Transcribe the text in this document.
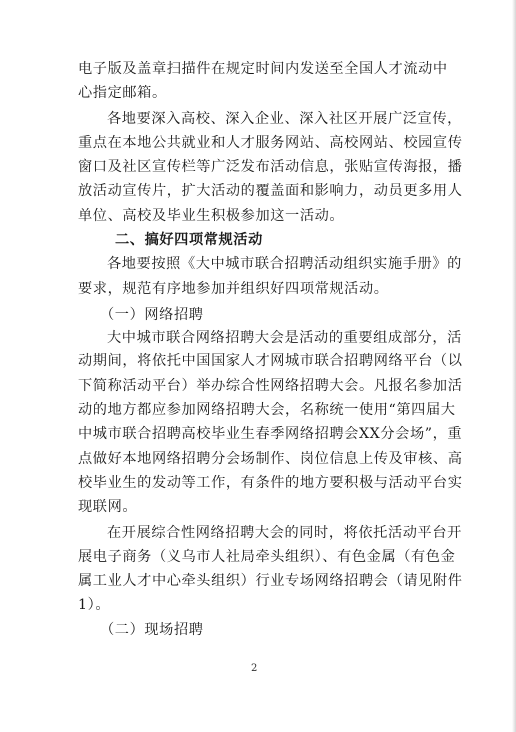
电子版及盖章扫描件在规定时间内发送至全国人才流动中
心指定邮箱。
各地要深入高校、深入企业、深入社区开展广泛宣传，
重点在本地公共就业和人才服务网站、高校网站、校园宣传
窗口及社区宣传栏等广泛发布活动信息，张贴宣传海报，播
放活动宣传片，扩大活动的覆盖面和影响力，动员更多用人
单位、高校及毕业生积极参加这一活动。
二、搞好四项常规活动
各地要按照《大中城市联合招聘活动组织实施手册》的
要求，规范有序地参加并组织好四项常规活动。
（一）网络招聘
大中城市联合网络招聘大会是活动的重要组成部分，活
动期间，将依托中国国家人才网城市联合招聘网络平台（以
下简称活动平台）举办综合性网络招聘大会。凡报名参加活
动的地方都应参加网络招聘大会，名称统一使用“第四届大
中城市联合招聘高校毕业生春季网络招聘会XX分会场”，重
点做好本地网络招聘分会场制作、岗位信息上传及审核、高
校毕业生的发动等工作，有条件的地方要积极与活动平台实
现联网。
在开展综合性网络招聘大会的同时，将依托活动平台开
展电子商务（义乌市人社局牵头组织）、有色金属（有色金
属工业人才中心牵头组织）行业专场网络招聘会（请见附件
1）。
（二）现场招聘
2
